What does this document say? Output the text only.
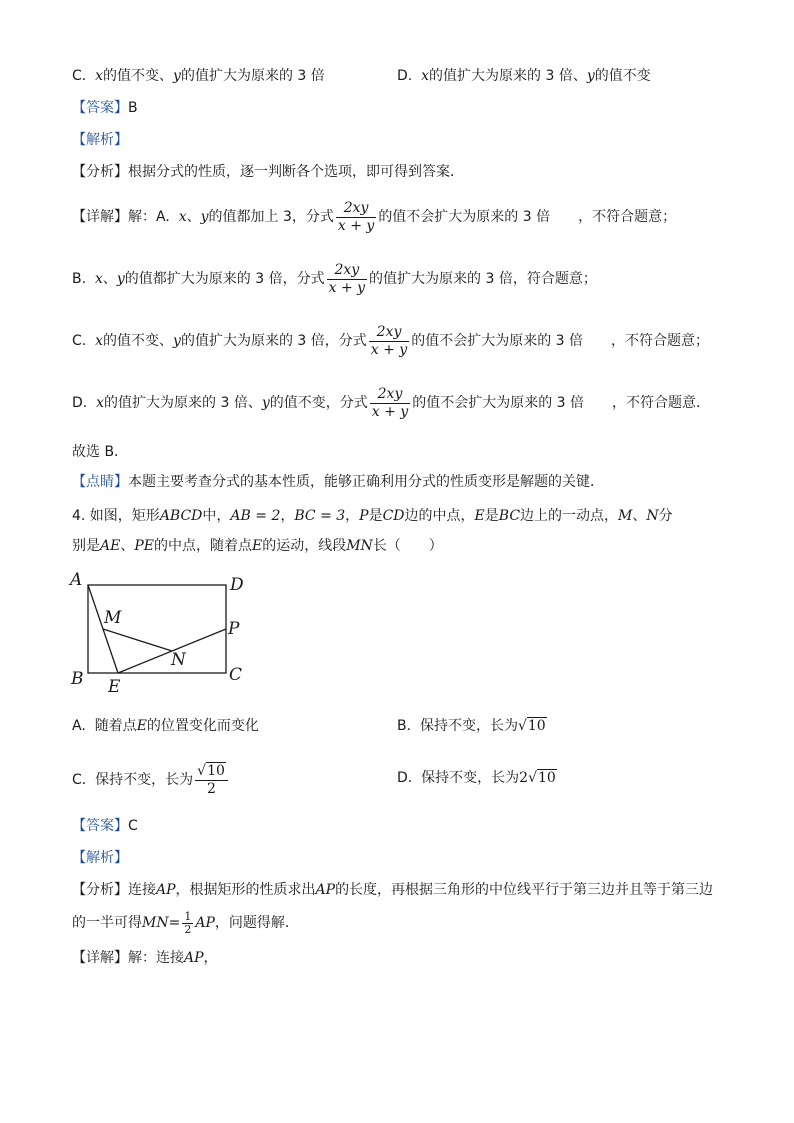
C. x的值不变、y的值扩大为原来的 3 倍	D. x的值扩大为原来的 3 倍、y的值不变
【答案】B
【解析】
【分析】根据分式的性质，逐一判断各个选项，即可得到答案．
【详解】解：A. x、y的值都加上 3，分式 $\frac{2xy}{x + y}$ 的值不会扩大为原来的 3 倍 ，不符合题意；
B. x、y的值都扩大为原来的 3 倍，分式 $\frac{2xy}{x + y}$ 的值扩大为原来的 3 倍，符合题意；
C. x的值不变、y的值扩大为原来的 3 倍，分式 $\frac{2xy}{x + y}$ 的值不会扩大为原来的 3 倍 ，不符合题意；
D. x的值扩大为原来的 3 倍、y的值不变，分式 $\frac{2xy}{x + y}$ 的值不会扩大为原来的 3 倍 ，不符合题意．
故选 B．
【点睛】本题主要考查分式的基本性质，能够正确利用分式的性质变形是解题的关键．
4. 如图，矩形ABCD中，AB = 2，BC = 3，P是CD边的中点，E是BC边上的一动点，M、N分
别是AE、PE的中点，随着点E的运动，线段MN长（　　）
A	D
B	C
E
M
N
P
A. 随着点E的位置变化而变化	B. 保持不变，长为√10
C. 保持不变，长为 $\frac{√10}{2}$	D. 保持不变，长为2√10
【答案】C
【解析】
【分析】连接AP，根据矩形的性质求出AP的长度，再根据三角形的中位线平行于第三边并且等于第三边
的一半可得$MN= \frac{1}{2}$ AP，问题得解．
【详解】解：连接AP，
